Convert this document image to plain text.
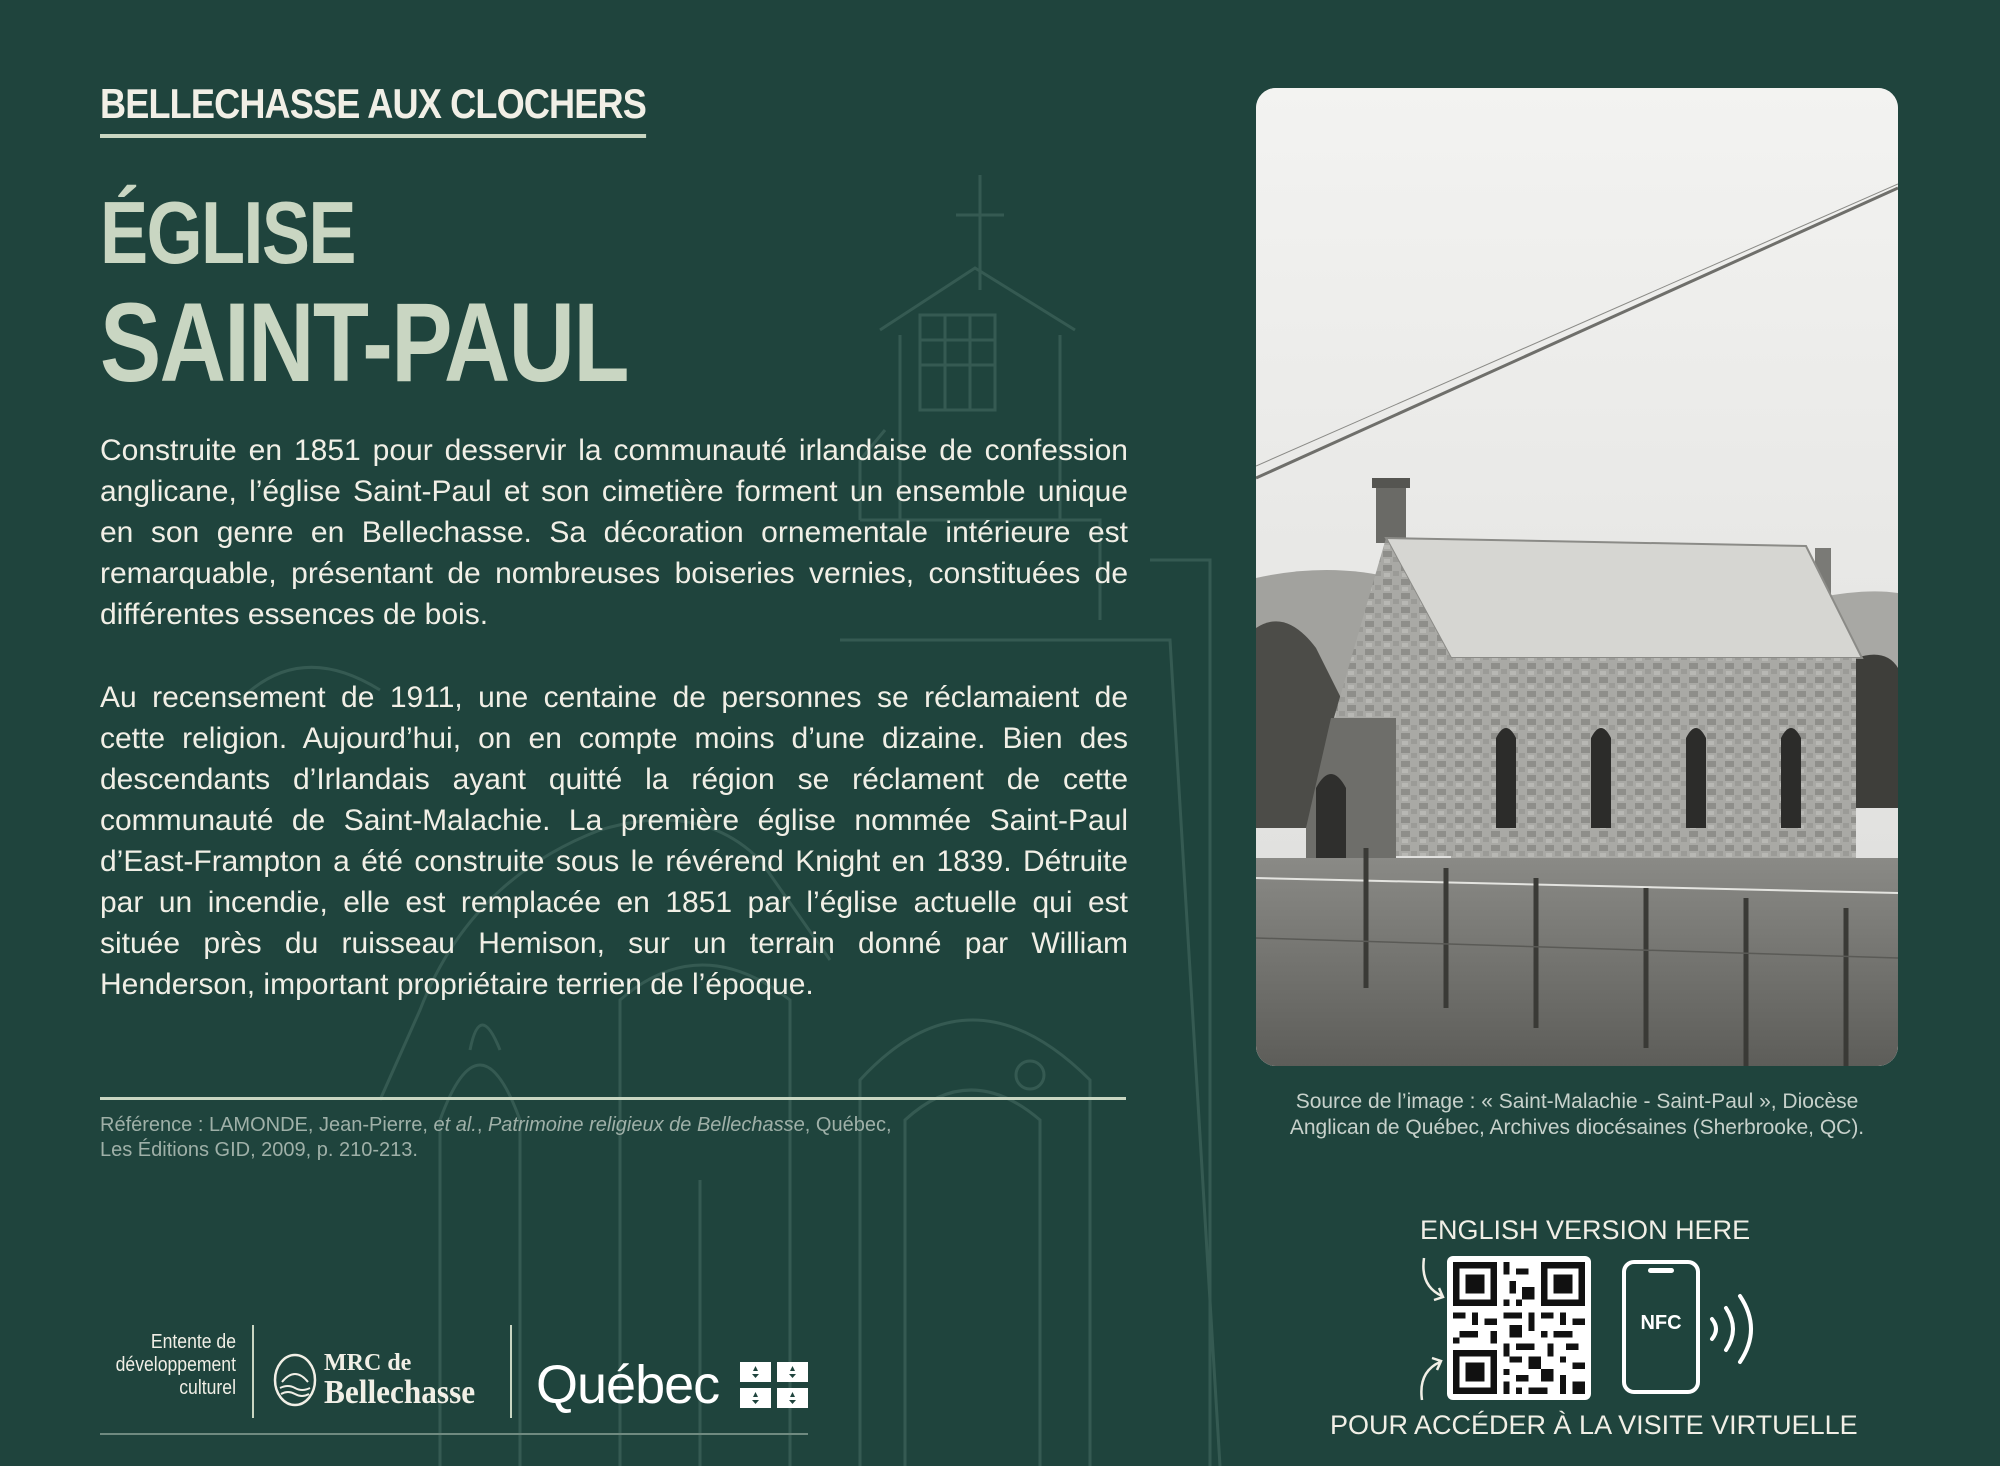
BELLECHASSE AUX CLOCHERS
ÉGLISE
SAINT-PAUL

Construite en 1851 pour desservir la communauté irlandaise de confession anglicane, l’église Saint-Paul et son cimetière forment un ensemble unique en son genre en Bellechasse. Sa décoration ornementale intérieure est remarquable, présentant de nombreuses boiseries vernies, constituées de différentes essences de bois.

Au recensement de 1911, une centaine de personnes se réclamaient de cette religion. Aujourd’hui, on en compte moins d’une dizaine. Bien des descendants d’Irlandais ayant quitté la région se réclament de cette communauté de Saint-Malachie. La première église nommée Saint-Paul d’East-Frampton a été construite sous le révérend Knight en 1839. Détruite par un incendie, elle est remplacée en 1851 par l’église actuelle qui est située près du ruisseau Hemison, sur un terrain donné par William Henderson, important propriétaire terrien de l’époque.

Référence : LAMONDE, Jean-Pierre, et al., Patrimoine religieux de Bellechasse, Québec,
Les Éditions GID, 2009, p. 210-213.

Source de l’image : « Saint-Malachie - Saint-Paul », Diocèse
Anglican de Québec, Archives diocésaines (Sherbrooke, QC).

ENGLISH VERSION HERE
NFC
POUR ACCÉDER À LA VISITE VIRTUELLE
Entente de
développement
culturel
MRC de
Bellechasse Québec
